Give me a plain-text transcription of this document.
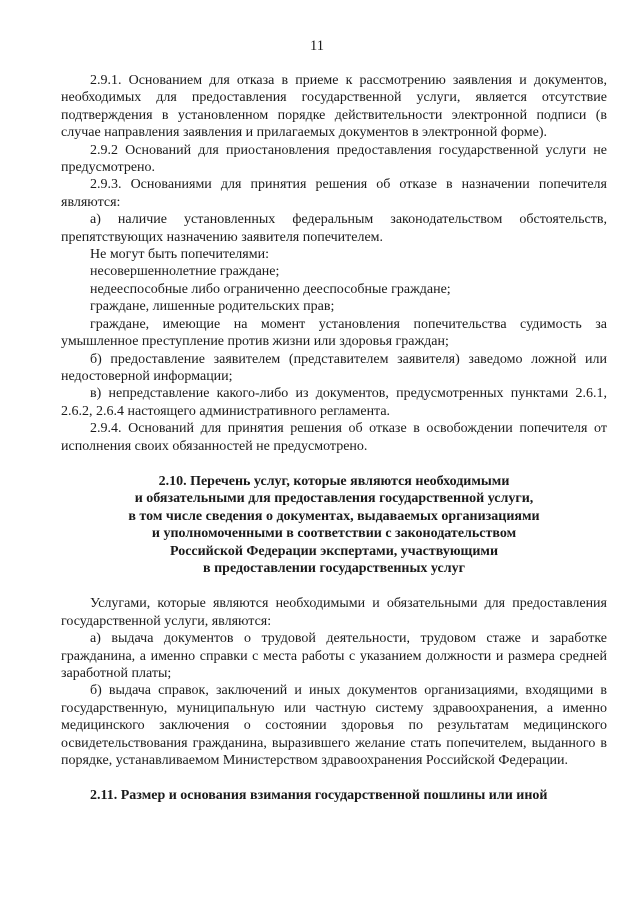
11

2.9.1. Основанием для отказа в приеме к рассмотрению заявления и документов, необходимых для предоставления государственной услуги, является отсутствие подтверждения в установленном порядке действительности электронной подписи (в случае направления заявления и прилагаемых документов в электронной форме).

2.9.2 Оснований для приостановления предоставления государственной услуги не предусмотрено.

2.9.3. Основаниями для принятия решения об отказе в назначении попечителя являются:

а) наличие установленных федеральным законодательством обстоятельств, препятствующих назначению заявителя попечителем.

Не могут быть попечителями:

несовершеннолетние граждане;

недееспособные либо ограниченно дееспособные граждане;

граждане, лишенные родительских прав;

граждане, имеющие на момент установления попечительства судимость за умышленное преступление против жизни или здоровья граждан;

б) предоставление заявителем (представителем заявителя) заведомо ложной или недостоверной информации;

в) непредставление какого-либо из документов, предусмотренных пунктами 2.6.1, 2.6.2, 2.6.4 настоящего административного регламента.

2.9.4. Оснований для принятия решения об отказе в освобождении попечителя от исполнения своих обязанностей не предусмотрено.

2.10. Перечень услуг, которые являются необходимыми

и обязательными для предоставления государственной услуги,

в том числе сведения о документах, выдаваемых организациями

и уполномоченными в соответствии с законодательством

Российской Федерации экспертами, участвующими

в предоставлении государственных услуг

Услугами, которые являются необходимыми и обязательными для предоставления государственной услуги, являются:

а) выдача документов о трудовой деятельности, трудовом стаже и заработке гражданина, а именно справки с места работы с указанием должности и размера средней заработной платы;

б) выдача справок, заключений и иных документов организациями, входящими в государственную, муниципальную или частную систему здравоохранения, а именно медицинского заключения о состоянии здоровья по результатам медицинского освидетельствования гражданина, выразившего желание стать попечителем, выданного в порядке, устанавливаемом Министерством здравоохранения Российской Федерации.

2.11. Размер и основания взимания государственной пошлины или иной
